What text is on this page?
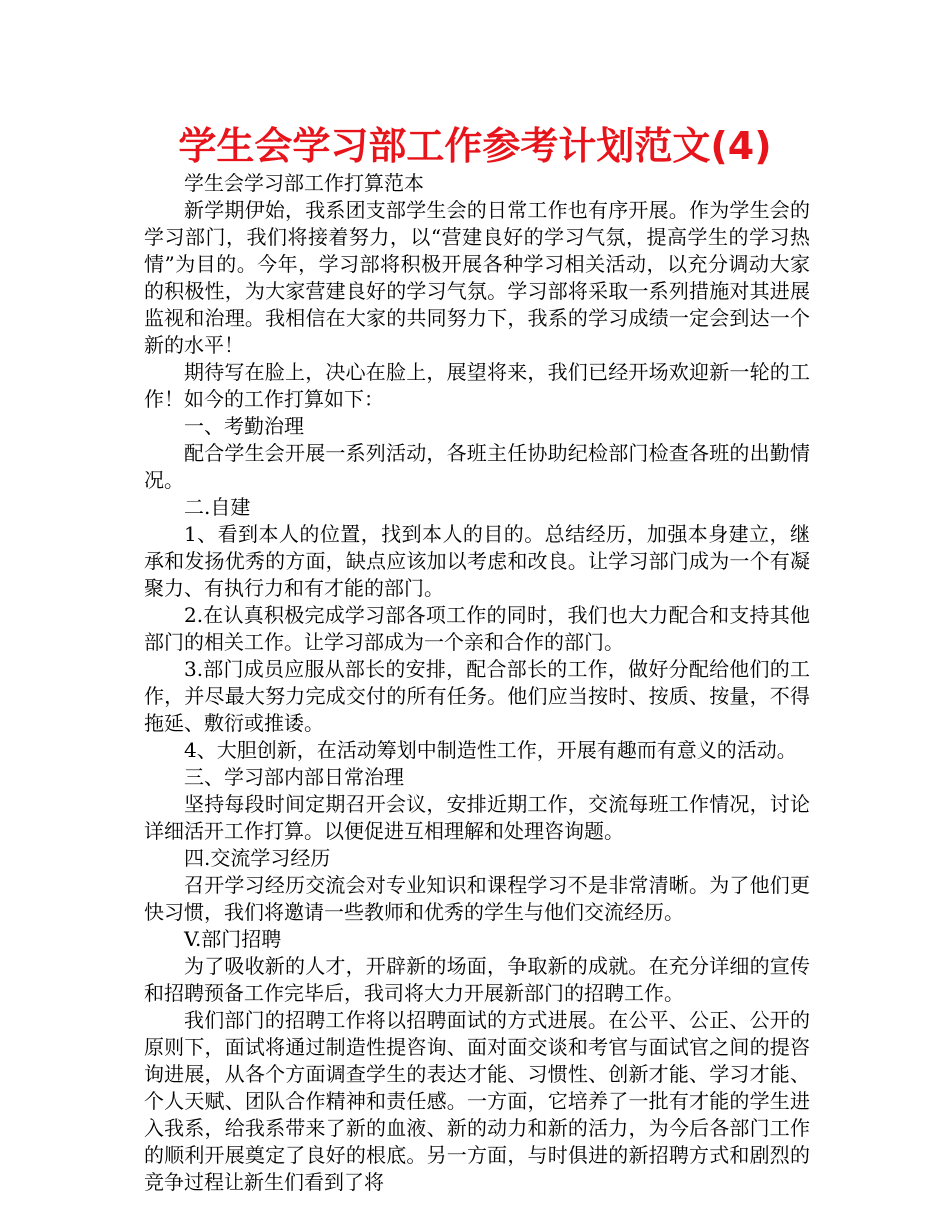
学生会学习部工作参考计划范文(4)

学生会学习部工作打算范本

新学期伊始，我系团支部学生会的日常工作也有序开展。作为学生会的学习部门，我们将接着努力，以“营建良好的学习气氛，提高学生的学习热情”为目的。今年，学习部将积极开展各种学习相关活动，以充分调动大家的积极性，为大家营建良好的学习气氛。学习部将采取一系列措施对其进展监视和治理。我相信在大家的共同努力下，我系的学习成绩一定会到达一个新的水平！

期待写在脸上，决心在脸上，展望将来，我们已经开场欢迎新一轮的工作！如今的工作打算如下：

一、考勤治理

配合学生会开展一系列活动，各班主任协助纪检部门检查各班的出勤情况。

二.自建

1、看到本人的位置，找到本人的目的。总结经历，加强本身建立，继承和发扬优秀的方面，缺点应该加以考虑和改良。让学习部门成为一个有凝聚力、有执行力和有才能的部门。

2.在认真积极完成学习部各项工作的同时，我们也大力配合和支持其他部门的相关工作。让学习部成为一个亲和合作的部门。

3.部门成员应服从部长的安排，配合部长的工作，做好分配给他们的工作，并尽最大努力完成交付的所有任务。他们应当按时、按质、按量，不得拖延、敷衍或推诿。

4、大胆创新，在活动筹划中制造性工作，开展有趣而有意义的活动。

三、学习部内部日常治理

坚持每段时间定期召开会议，安排近期工作，交流每班工作情况，讨论详细活开工作打算。以便促进互相理解和处理咨询题。

四.交流学习经历

召开学习经历交流会对专业知识和课程学习不是非常清晰。为了他们更快习惯，我们将邀请一些教师和优秀的学生与他们交流经历。

V.部门招聘

为了吸收新的人才，开辟新的场面，争取新的成就。在充分详细的宣传和招聘预备工作完毕后，我司将大力开展新部门的招聘工作。

我们部门的招聘工作将以招聘面试的方式进展。在公平、公正、公开的原则下，面试将通过制造性提咨询、面对面交谈和考官与面试官之间的提咨询进展，从各个方面调查学生的表达才能、习惯性、创新才能、学习才能、个人天赋、团队合作精神和责任感。一方面，它培养了一批有才能的学生进入我系，给我系带来了新的血液、新的动力和新的活力，为今后各部门工作的顺利开展奠定了良好的根底。另一方面，与时俱进的新招聘方式和剧烈的竞争过程让新生们看到了将
